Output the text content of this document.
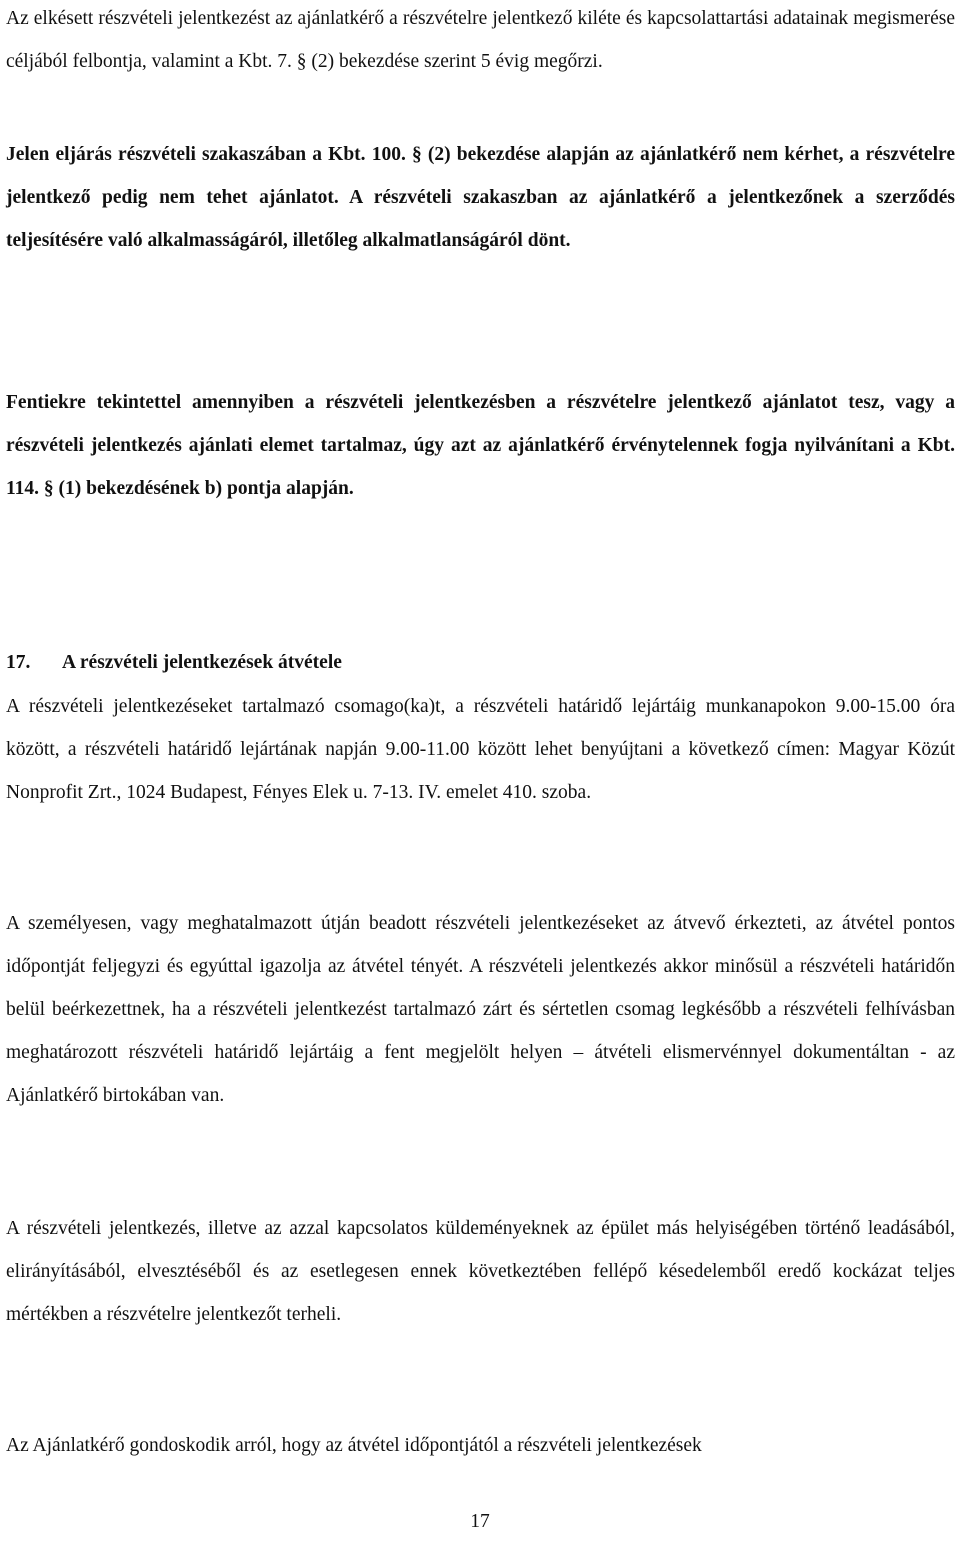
Az elkésett részvételi jelentkezést az ajánlatkérő a részvételre jelentkező kiléte és kapcsolattartási adatainak megismerése céljából felbontja, valamint a Kbt. 7. § (2) bekezdése szerint 5 évig megőrzi.

Jelen eljárás részvételi szakaszában a Kbt. 100. § (2) bekezdése alapján az ajánlatkérő nem kérhet, a részvételre jelentkező pedig nem tehet ajánlatot. A részvételi szakaszban az ajánlatkérő a jelentkezőnek a szerződés teljesítésére való alkalmasságáról, illetőleg alkalmatlanságáról dönt.

Fentiekre tekintettel amennyiben a részvételi jelentkezésben a részvételre jelentkező ajánlatot tesz, vagy a részvételi jelentkezés ajánlati elemet tartalmaz, úgy azt az ajánlatkérő érvénytelennek fogja nyilvánítani a Kbt. 114. § (1) bekezdésének b) pontja alapján.

17. A részvételi jelentkezések átvétele

A részvételi jelentkezéseket tartalmazó csomago(ka)t, a részvételi határidő lejártáig munkanapokon 9.00-15.00 óra között, a részvételi határidő lejártának napján 9.00-11.00 között lehet benyújtani a következő címen: Magyar Közút Nonprofit Zrt., 1024 Budapest, Fényes Elek u. 7-13. IV. emelet 410. szoba.

A személyesen, vagy meghatalmazott útján beadott részvételi jelentkezéseket az átvevő érkezteti, az átvétel pontos időpontját feljegyzi és egyúttal igazolja az átvétel tényét. A részvételi jelentkezés akkor minősül a részvételi határidőn belül beérkezettnek, ha a részvételi jelentkezést tartalmazó zárt és sértetlen csomag legkésőbb a részvételi felhívásban meghatározott részvételi határidő lejártáig a fent megjelölt helyen – átvételi elismervénnyel dokumentáltan - az Ajánlatkérő birtokában van.

A részvételi jelentkezés, illetve az azzal kapcsolatos küldeményeknek az épület más helyiségében történő leadásából, elirányításából, elvesztéséből és az esetlegesen ennek következtében fellépő késedelemből eredő kockázat teljes mértékben a részvételre jelentkezőt terheli.

Az Ajánlatkérő gondoskodik arról, hogy az átvétel időpontjától a részvételi jelentkezések

17
